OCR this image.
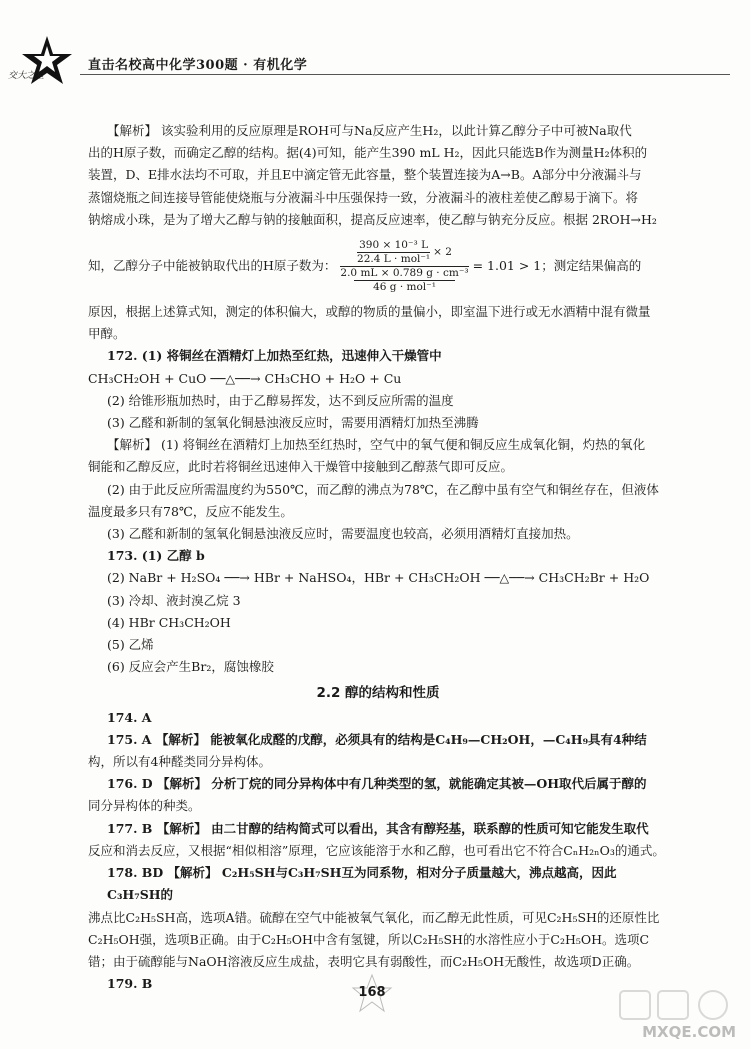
交大之星
直击名校高中化学300题 · 有机化学

【解析】 该实验利用的反应原理是ROH可与Na反应产生H₂，以此计算乙醇分子中可被Na取代

出的H原子数，而确定乙醇的结构。据(4)可知，能产生390 mL H₂，因此只能选B作为测量H₂体积的

装置，D、E排水法均不可取，并且E中滴定管无此容量，整个装置连接为A→B。A部分中分液漏斗与

蒸馏烧瓶之间连接导管能使烧瓶与分液漏斗中压强保持一致，分液漏斗的液柱差使乙醇易于滴下。将

钠熔成小珠，是为了增大乙醇与钠的接触面积，提高反应速率，使乙醇与钠充分反应。根据 2ROH→H₂

知，乙醇分子中能被钠取代出的H原子数为： $\frac{\text{390 × 10⁻³ L}}{\text{22.4 L · mol⁻¹}} \times 2$
2.0 mL × 0.789 g · cm⁻³
46 g · mol⁻¹
= 1.01 > 1；测定结果偏高的

原因，根据上述算式知，测定的体积偏大，或醇的物质的量偏小，即室温下进行或无水酒精中混有微量

甲醇。

172. (1) 将铜丝在酒精灯上加热至红热，迅速伸入干燥管中

CH₃CH₂OH + CuO ──△──→ CH₃CHO + H₂O + Cu

(2) 给锥形瓶加热时，由于乙醇易挥发，达不到反应所需的温度

(3) 乙醛和新制的氢氧化铜悬浊液反应时，需要用酒精灯加热至沸腾

【解析】 (1) 将铜丝在酒精灯上加热至红热时，空气中的氧气便和铜反应生成氧化铜，灼热的氧化

铜能和乙醇反应，此时若将铜丝迅速伸入干燥管中接触到乙醇蒸气即可反应。

(2) 由于此反应所需温度约为550℃，而乙醇的沸点为78℃，在乙醇中虽有空气和铜丝存在，但液体

温度最多只有78℃，反应不能发生。

(3) 乙醛和新制的氢氧化铜悬浊液反应时，需要温度也较高，必须用酒精灯直接加热。

173. (1) 乙醇 b

(2) NaBr + H₂SO₄ ──→ HBr + NaHSO₄，HBr + CH₃CH₂OH ──△──→ CH₃CH₂Br + H₂O

(3) 冷却、液封溴乙烷 3

(4) HBr CH₃CH₂OH

(5) 乙烯

(6) 反应会产生Br₂，腐蚀橡胶

2.2 醇的结构和性质

174. A

175. A 【解析】 能被氧化成醛的戊醇，必须具有的结构是C₄H₉—CH₂OH，—C₄H₉具有4种结

构，所以有4种醛类同分异构体。

176. D 【解析】 分析丁烷的同分异构体中有几种类型的氢，就能确定其被—OH取代后属于醇的

同分异构体的种类。

177. B 【解析】 由二甘醇的结构简式可以看出，其含有醇羟基，联系醇的性质可知它能发生取代

反应和消去反应，又根据“相似相溶”原理，它应该能溶于水和乙醇，也可看出它不符合CₙH₂ₙO₃的通式。

178. BD 【解析】 C₂H₅SH与C₃H₇SH互为同系物，相对分子质量越大，沸点越高，因此C₃H₇SH的

沸点比C₂H₅SH高，选项A错。硫醇在空气中能被氧气氧化，而乙醇无此性质，可见C₂H₅SH的还原性比

C₂H₅OH强，选项B正确。由于C₂H₅OH中含有氢键，所以C₂H₅SH的水溶性应小于C₂H₅OH。选项C

错；由于硫醇能与NaOH溶液反应生成盐，表明它具有弱酸性，而C₂H₅OH无酸性，故选项D正确。

179. B

168
MXQE.COM
